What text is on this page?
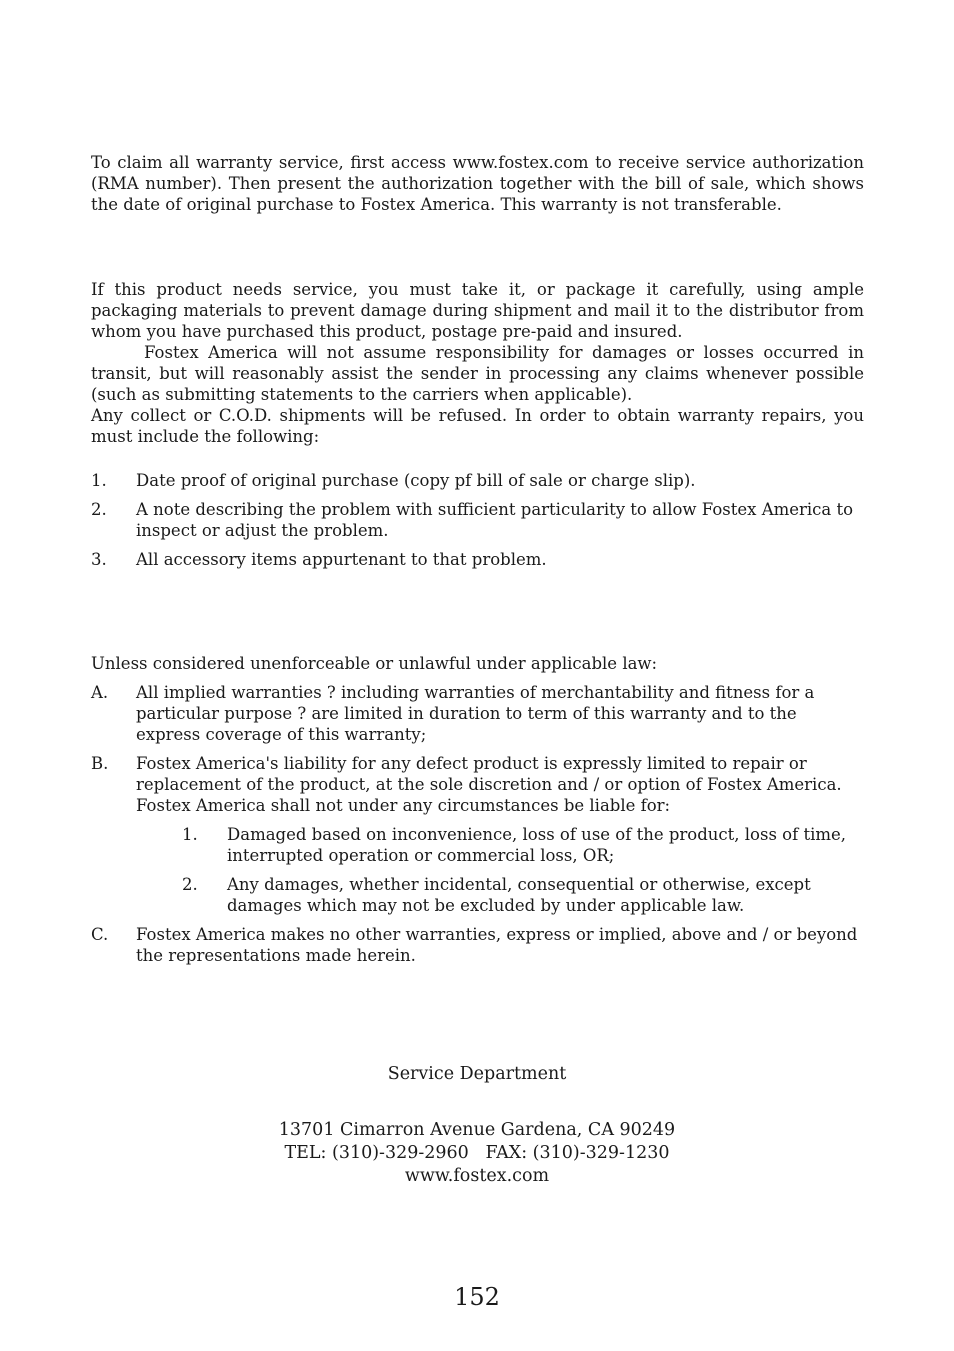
To claim all warranty service, first access www.fostex.com to receive service authorization (RMA number). Then present the authorization together with the bill of sale, which shows the date of original purchase to Fostex America. This warranty is not transferable.

If this product needs service, you must take it, or package it carefully, using ample packaging materials to prevent damage during shipment and mail it to the distributor from whom you have purchased this product, postage pre-paid and insured.

Fostex America will not assume responsibility for damages or losses occurred in transit, but will reasonably assist the sender in processing any claims whenever possible (such as submitting statements to the carriers when applicable).

Any collect or C.O.D. shipments will be refused. In order to obtain warranty repairs, you must include the following:

1. Date proof of original purchase (copy pf bill of sale or charge slip).
2. A note describing the problem with sufficient particularity to allow Fostex America to inspect or adjust the problem.
3. All accessory items appurtenant to that problem.

Unless considered unenforceable or unlawful under applicable law:

A. All implied warranties ? including warranties of merchantability and fitness for a particular purpose ? are limited in duration to term of this warranty and to the express coverage of this warranty;
B. Fostex America's liability for any defect product is expressly limited to repair or replacement of the product, at the sole discretion and / or option of Fostex America. Fostex America shall not under any circumstances be liable for:
1. Damaged based on inconvenience, loss of use of the product, loss of time, interrupted operation or commercial loss, OR;
2. Any damages, whether incidental, consequential or otherwise, except damages which may not be excluded by under applicable law.
C. Fostex America makes no other warranties, express or implied, above and / or beyond the representations made herein.
Service Department
13701 Cimarron Avenue Gardena, CA 90249
TEL: (310)-329-2960   FAX: (310)-329-1230
www.fostex.com
152
